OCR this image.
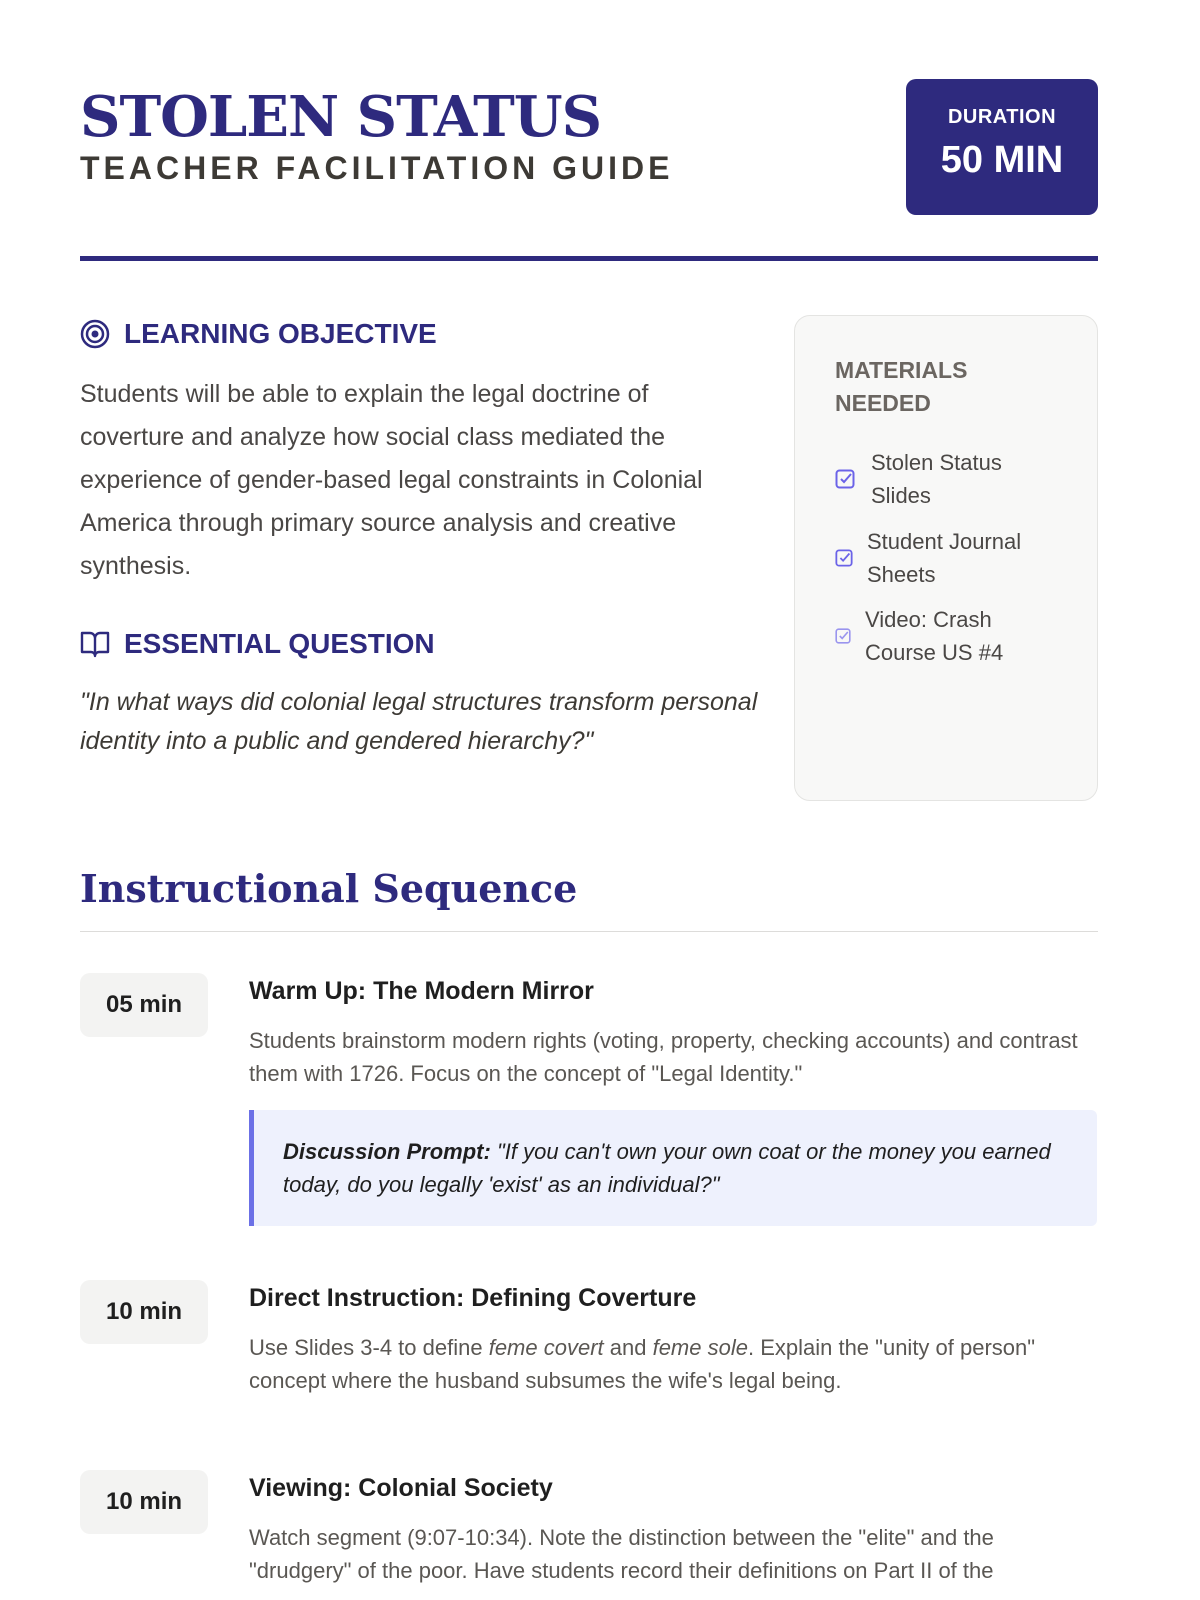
STOLEN STATUS
TEACHER FACILITATION GUIDE
DURATION
50 MIN
LEARNING OBJECTIVE
Students will be able to explain the legal doctrine of coverture and analyze how social class mediated the experience of gender-based legal constraints in Colonial America through primary source analysis and creative synthesis.
ESSENTIAL QUESTION
"In what ways did colonial legal structures transform personal identity into a public and gendered hierarchy?"
MATERIALS NEEDED
Stolen Status Slides
Student Journal Sheets
Video: Crash Course US #4
Instructional Sequence
05 min	Warm Up: The Modern Mirror
Students brainstorm modern rights (voting, property, checking accounts) and contrast them with 1726. Focus on the concept of "Legal Identity."
Discussion Prompt: "If you can't own your own coat or the money you earned today, do you legally 'exist' as an individual?"
10 min	Direct Instruction: Defining Coverture
Use Slides 3-4 to define feme covert and feme sole. Explain the "unity of person" concept where the husband subsumes the wife's legal being.
10 min	Viewing: Colonial Society
Watch segment (9:07-10:34). Note the distinction between the "elite" and the "drudgery" of the poor. Have students record their definitions on Part II of the
